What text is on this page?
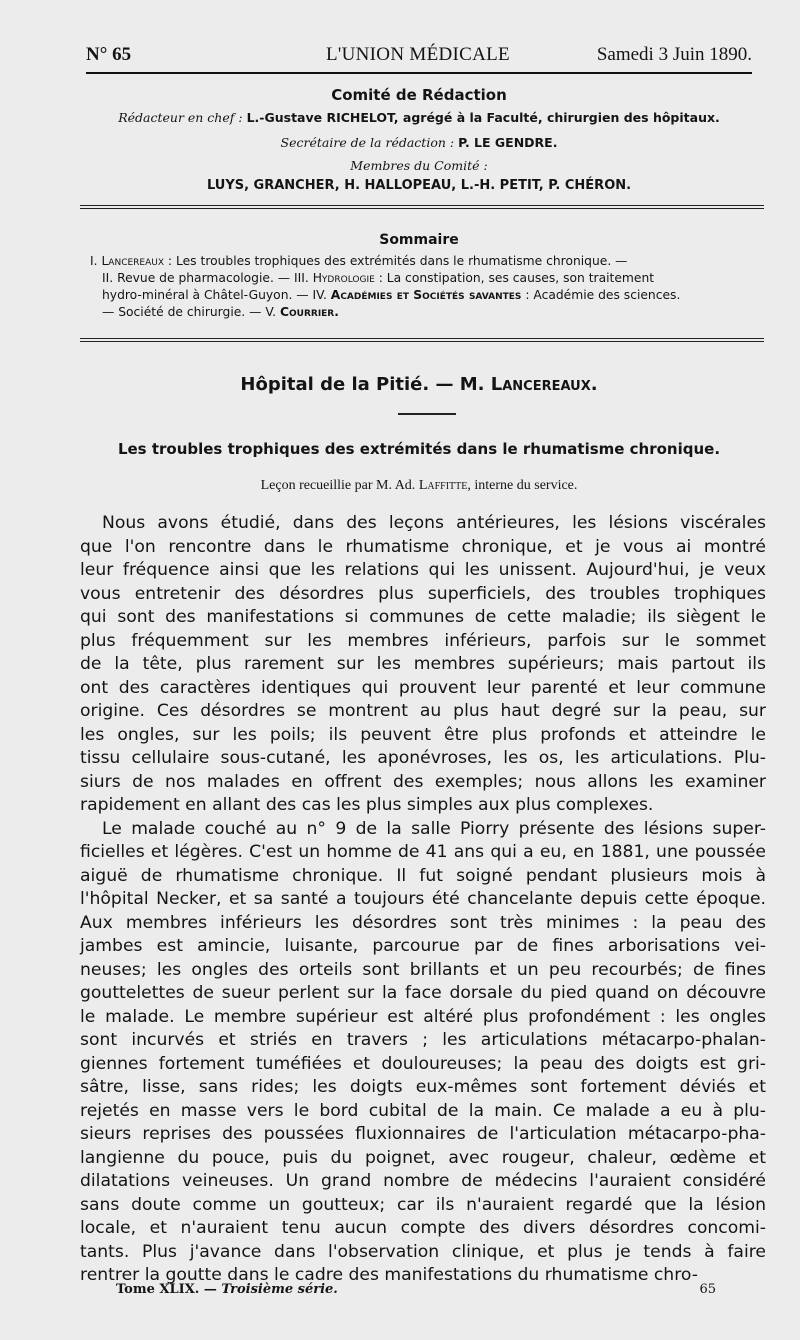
N° 65	L'UNION MÉDICALE	Samedi 3 Juin 1890.
Comité de Rédaction
Rédacteur en chef : L.-Gustave RICHELOT, agrégé à la Faculté, chirurgien des hôpitaux.
Secrétaire de la rédaction : P. LE GENDRE.
Membres du Comité :
LUYS, GRANCHER, H. HALLOPEAU, L.-H. PETIT, P. CHÉRON.
Sommaire

I. Lancereaux : Les troubles trophiques des extrémités dans le rhumatisme chronique. —

II. Revue de pharmacologie. — III. Hydrologie : La constipation, ses causes, son traitement

hydro-minéral à Châtel-Guyon. — IV. Académies et Sociétés savantes : Académie des sciences.

— Société de chirurgie. — V. Courrier.

Hôpital de la Pitié. — M. Lancereaux.
Les troubles trophiques des extrémités dans le rhumatisme chronique.
Leçon recueillie par M. Ad. Laffitte, interne du service.
Nous avons étudié, dans des leçons antérieures, les lésions viscérales
que l'on rencontre dans le rhumatisme chronique, et je vous ai montré
leur fréquence ainsi que les relations qui les unissent. Aujourd'hui, je veux
vous entretenir des désordres plus superficiels, des troubles trophiques
qui sont des manifestations si communes de cette maladie; ils siègent le
plus fréquemment sur les membres inférieurs, parfois sur le sommet
de la tête, plus rarement sur les membres supérieurs; mais partout ils
ont des caractères identiques qui prouvent leur parenté et leur commune
origine. Ces désordres se montrent au plus haut degré sur la peau, sur
les ongles, sur les poils; ils peuvent être plus profonds et atteindre le
tissu cellulaire sous-cutané, les aponévroses, les os, les articulations. Plu-
siurs de nos malades en offrent des exemples; nous allons les examiner
rapidement en allant des cas les plus simples aux plus complexes.
Le malade couché au n° 9 de la salle Piorry présente des lésions super-
ficielles et légères. C'est un homme de 41 ans qui a eu, en 1881, une poussée
aiguë de rhumatisme chronique. Il fut soigné pendant plusieurs mois à
l'hôpital Necker, et sa santé a toujours été chancelante depuis cette époque.
Aux membres inférieurs les désordres sont très minimes : la peau des
jambes est amincie, luisante, parcourue par de fines arborisations vei-
neuses; les ongles des orteils sont brillants et un peu recourbés; de fines
gouttelettes de sueur perlent sur la face dorsale du pied quand on découvre
le malade. Le membre supérieur est altéré plus profondément : les ongles
sont incurvés et striés en travers ; les articulations métacarpo-phalan-
giennes fortement tuméfiées et douloureuses; la peau des doigts est gri-
sâtre, lisse, sans rides; les doigts eux-mêmes sont fortement déviés et
rejetés en masse vers le bord cubital de la main. Ce malade a eu à plu-
sieurs reprises des poussées fluxionnaires de l'articulation métacarpo-pha-
langienne du pouce, puis du poignet, avec rougeur, chaleur, œdème et
dilatations veineuses. Un grand nombre de médecins l'auraient considéré
sans doute comme un goutteux; car ils n'auraient regardé que la lésion
locale, et n'auraient tenu aucun compte des divers désordres concomi-
tants. Plus j'avance dans l'observation clinique, et plus je tends à faire
rentrer la goutte dans le cadre des manifestations du rhumatisme chro-
Tome XLIX. — Troisième série.	65
